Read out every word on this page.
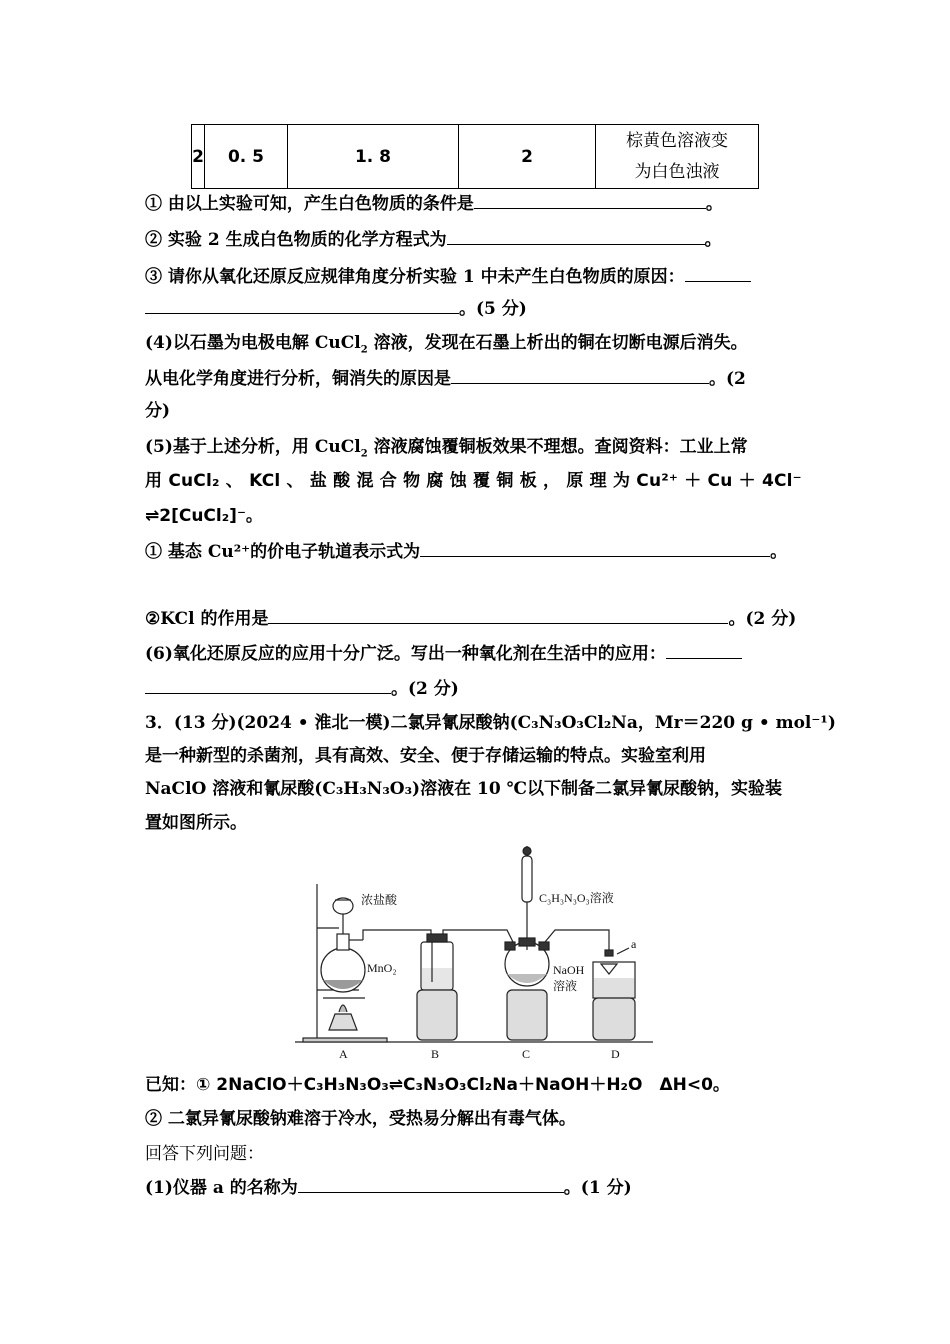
2	0. 5	1. 8	2	
棕黄色溶液变
为白色浊液
① 由以上实验可知，产生白色物质的条件是	。
② 实验 2 生成白色物质的化学方程式为	。
③ 请你从氧化还原反应规律角度分析实验 1 中未产生白色物质的原因：
。(5 分)
(4)以石墨为电极电解 CuCl$_2$ 溶液，发现在石墨上析出的铜在切断电源后消失。
从电化学角度进行分析，铜消失的原因是	。(2
分)
(5)基于上述分析，用 CuCl$_2$ 溶液腐蚀覆铜板效果不理想。查阅资料：工业上常
用 CuCl₂ 、 KCl 、 盐 酸 混 合 物 腐 蚀 覆 铜 板 ， 原 理 为 Cu²⁺ ＋ Cu ＋ 4Cl⁻
⇌2[CuCl₂]⁻。
① 基态 Cu²⁺的价电子轨道表示式为	。
②KCl 的作用是	。(2 分)
(6)氧化还原反应的应用十分广泛。写出一种氧化剂在生活中的应用：
。(2 分)
3．(13 分)(2024 • 淮北一模)二氯异氰尿酸钠(C₃N₃O₃Cl₂Na，Mr＝220 g • mol⁻¹)
是一种新型的杀菌剂，具有高效、安全、便于存储运输的特点。实验室利用
NaClO 溶液和氰尿酸(C₃H₃N₃O₃)溶液在 10 ℃以下制备二氯异氰尿酸钠，实验装
置如图所示。
浓盐酸
MnO₂
C₃H₃N₃O₃溶液
NaOH
溶液
a
A	B	C	D
已知：① 2NaClO＋C₃H₃N₃O₃⇌C₃N₃O₃Cl₂Na＋NaOH＋H₂O　ΔH<0。
② 二氯异氰尿酸钠难溶于冷水，受热易分解出有毒气体。
回答下列问题：
(1)仪器 a 的名称为	。(1 分)
